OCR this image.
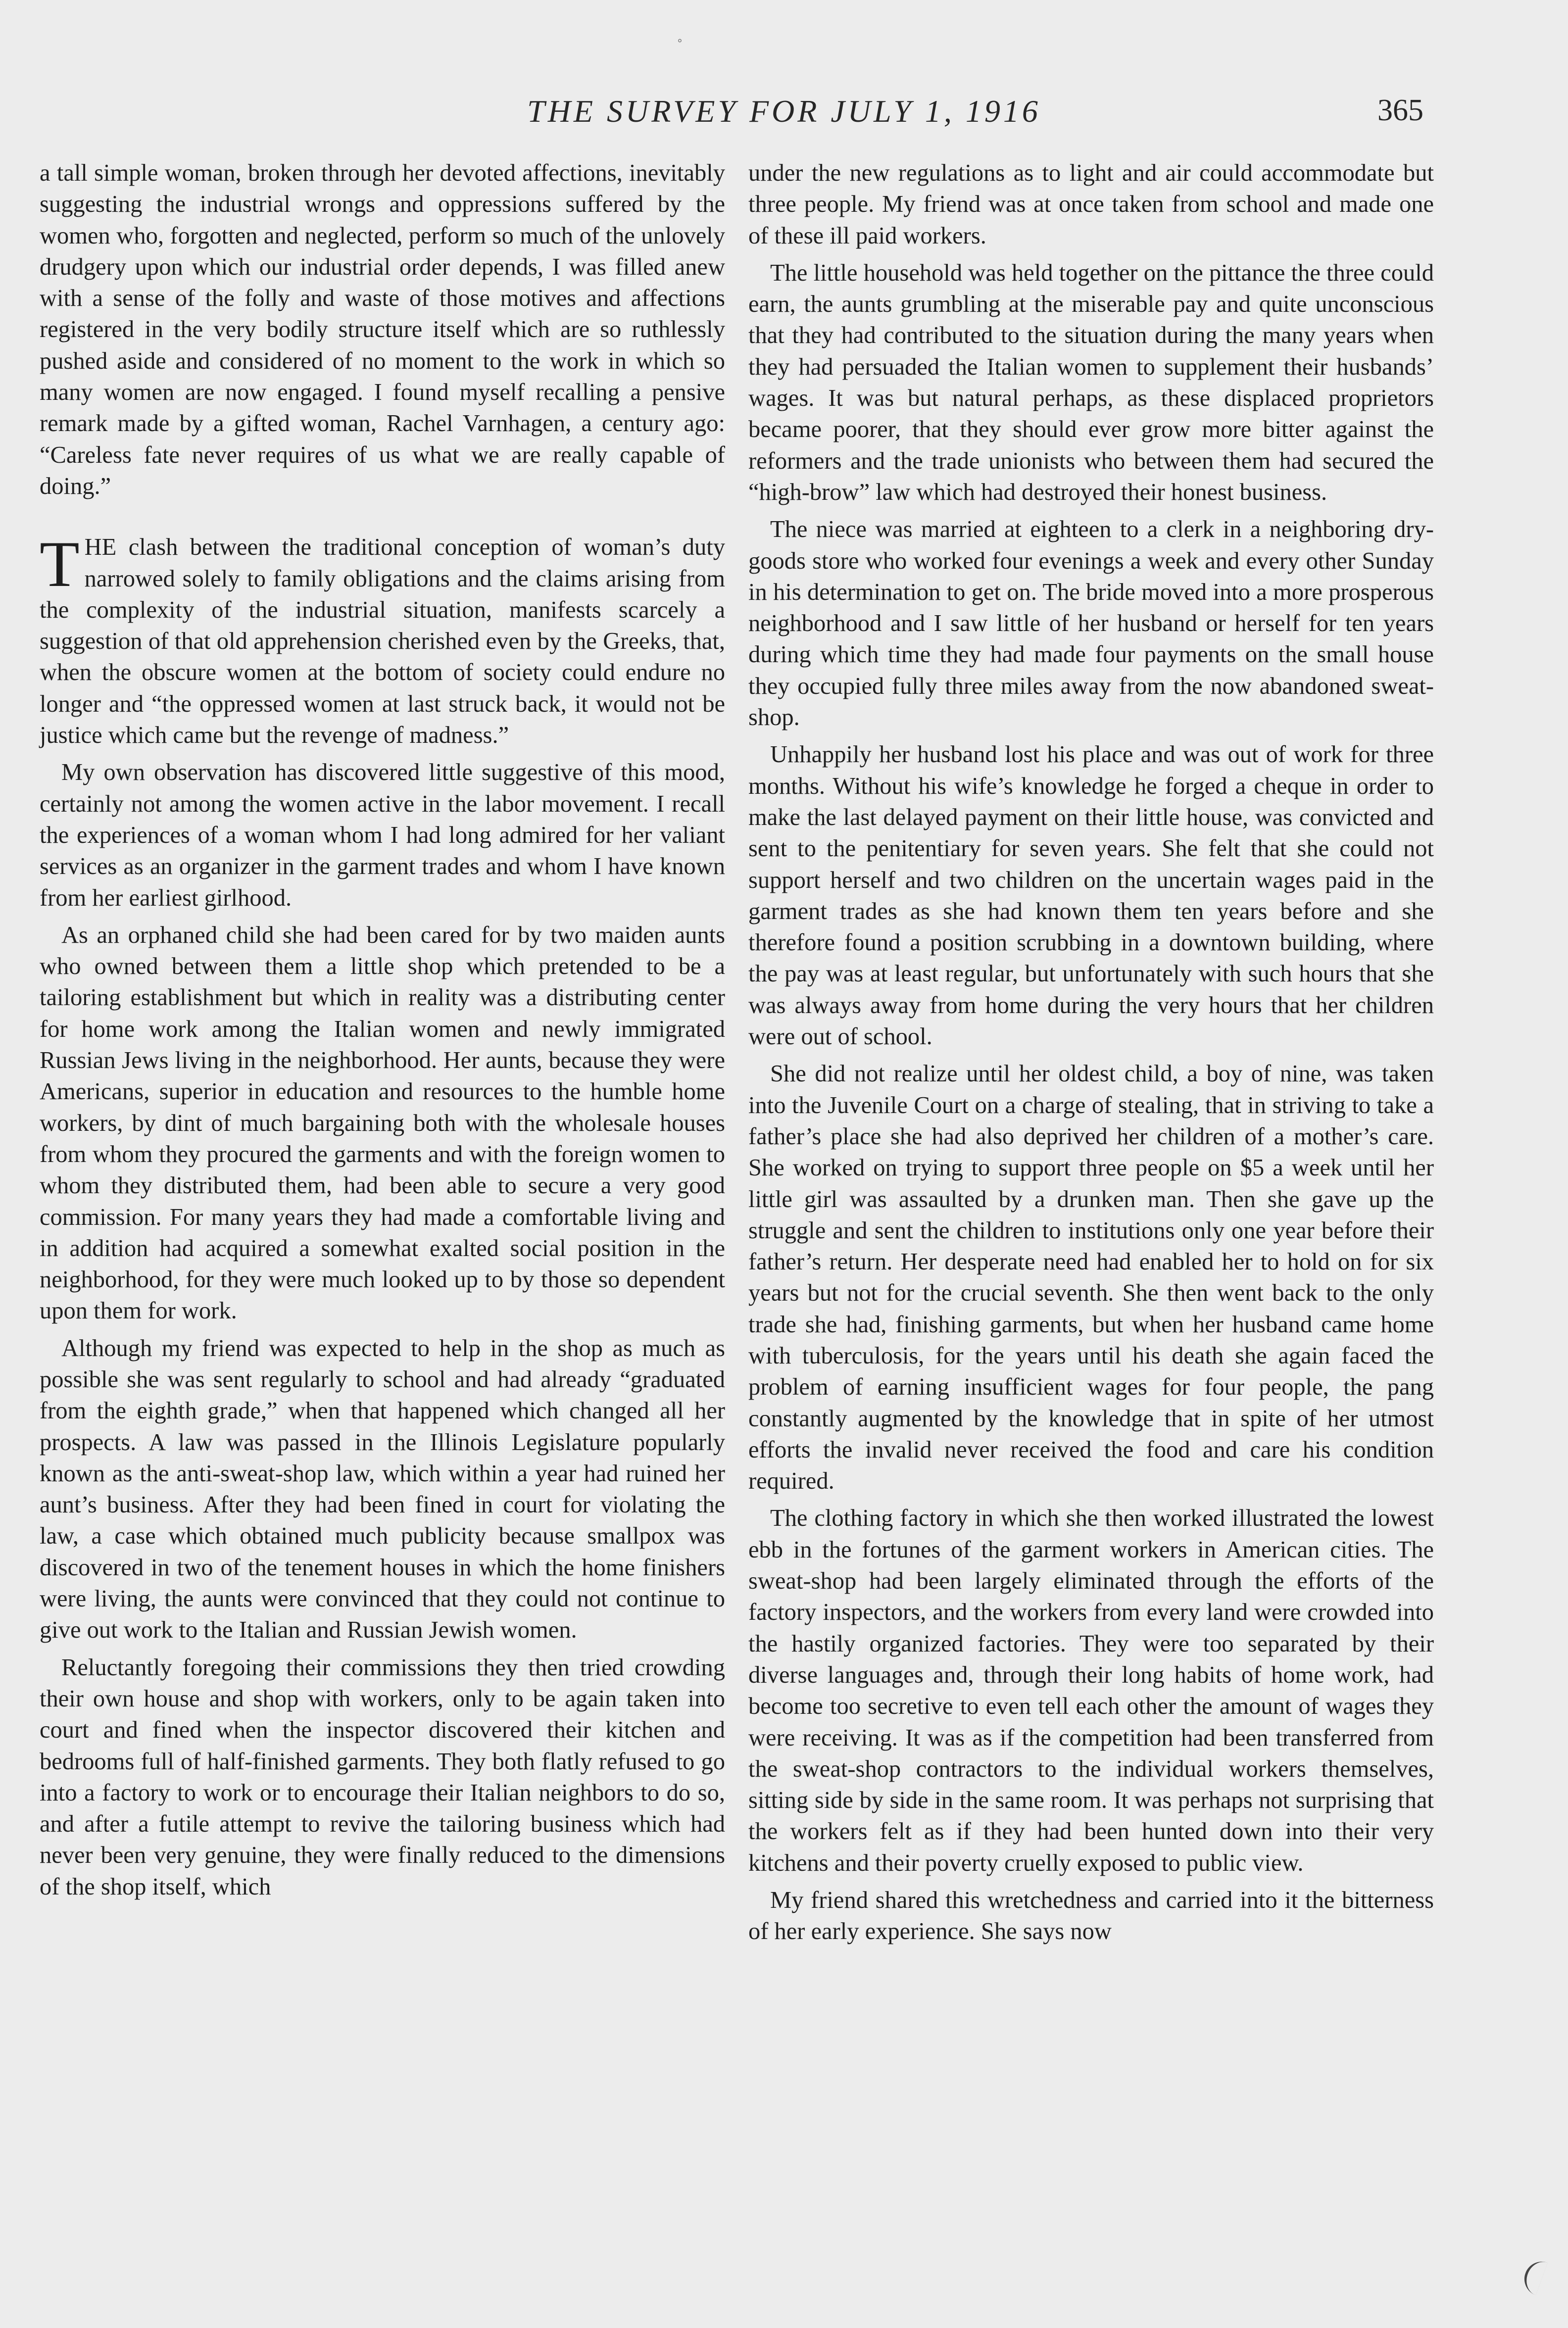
°
THE SURVEY FOR JULY 1, 1916	365

a tall simple woman, broken through her devoted affections, inevitably suggesting the industrial wrongs and oppressions suffered by the women who, forgotten and neglected, perform so much of the unlovely drudgery upon which our industrial order depends, I was filled anew with a sense of the folly and waste of those motives and affections registered in the very bodily structure itself which are so ruthlessly pushed aside and considered of no moment to the work in which so many women are now engaged. I found myself recalling a pensive remark made by a gifted woman, Rachel Varnhagen, a century ago: “Careless fate never requires of us what we are really capable of doing.”

THE clash between the traditional conception of woman’s duty narrowed solely to family obligations and the claims arising from the complexity of the industrial situation, manifests scarcely a suggestion of that old apprehension cherished even by the Greeks, that, when the obscure women at the bottom of society could endure no longer and “the oppressed women at last struck back, it would not be justice which came but the revenge of madness.”

My own observation has discovered little suggestive of this mood, certainly not among the women active in the labor movement. I recall the experiences of a woman whom I had long admired for her valiant services as an organizer in the garment trades and whom I have known from her earliest girlhood.

As an orphaned child she had been cared for by two maiden aunts who owned between them a little shop which pretended to be a tailoring establishment but which in reality was a distributing center for home work among the Italian women and newly immigrated Russian Jews living in the neighborhood. Her aunts, because they were Americans, superior in education and resources to the humble home workers, by dint of much bargaining both with the wholesale houses from whom they procured the garments and with the foreign women to whom they distributed them, had been able to secure a very good commission. For many years they had made a comfortable living and in addition had acquired a somewhat exalted social position in the neighborhood, for they were much looked up to by those so dependent upon them for work.

Although my friend was expected to help in the shop as much as possible she was sent regularly to school and had already “graduated from the eighth grade,” when that happened which changed all her prospects. A law was passed in the Illinois Legislature popularly known as the anti-sweat-shop law, which within a year had ruined her aunt’s business. After they had been fined in court for violating the law, a case which obtained much publicity because smallpox was discovered in two of the tenement houses in which the home finishers were living, the aunts were convinced that they could not continue to give out work to the Italian and Russian Jewish women.

Reluctantly foregoing their commissions they then tried crowding their own house and shop with workers, only to be again taken into court and fined when the inspector discovered their kitchen and bedrooms full of half-finished garments. They both flatly refused to go into a factory to work or to encourage their Italian neighbors to do so, and after a futile attempt to revive the tailoring business which had never been very genuine, they were finally reduced to the dimensions of the shop itself, which

under the new regulations as to light and air could accommodate but three people. My friend was at once taken from school and made one of these ill paid workers.

The little household was held together on the pittance the three could earn, the aunts grumbling at the miserable pay and quite unconscious that they had contributed to the situation during the many years when they had persuaded the Italian women to supplement their husbands’ wages. It was but natural perhaps, as these displaced proprietors became poorer, that they should ever grow more bitter against the reformers and the trade unionists who between them had secured the “high-brow” law which had destroyed their honest business.

The niece was married at eighteen to a clerk in a neighboring dry-goods store who worked four evenings a week and every other Sunday in his determination to get on. The bride moved into a more prosperous neighborhood and I saw little of her husband or herself for ten years during which time they had made four payments on the small house they occupied fully three miles away from the now abandoned sweat-shop.

Unhappily her husband lost his place and was out of work for three months. Without his wife’s knowledge he forged a cheque in order to make the last delayed payment on their little house, was convicted and sent to the penitentiary for seven years. She felt that she could not support herself and two children on the uncertain wages paid in the garment trades as she had known them ten years before and she therefore found a position scrubbing in a downtown building, where the pay was at least regular, but unfortunately with such hours that she was always away from home during the very hours that her children were out of school.

She did not realize until her oldest child, a boy of nine, was taken into the Juvenile Court on a charge of stealing, that in striving to take a father’s place she had also deprived her children of a mother’s care. She worked on trying to support three people on $5 a week until her little girl was assaulted by a drunken man. Then she gave up the struggle and sent the children to institutions only one year before their father’s return. Her desperate need had enabled her to hold on for six years but not for the crucial seventh. She then went back to the only trade she had, finishing garments, but when her husband came home with tuberculosis, for the years until his death she again faced the problem of earning insufficient wages for four people, the pang constantly augmented by the knowledge that in spite of her utmost efforts the invalid never received the food and care his condition required.

The clothing factory in which she then worked illustrated the lowest ebb in the fortunes of the garment workers in American cities. The sweat-shop had been largely eliminated through the efforts of the factory inspectors, and the workers from every land were crowded into the hastily organized factories. They were too separated by their diverse languages and, through their long habits of home work, had become too secretive to even tell each other the amount of wages they were receiving. It was as if the competition had been transferred from the sweat-shop contractors to the individual workers themselves, sitting side by side in the same room. It was perhaps not surprising that the workers felt as if they had been hunted down into their very kitchens and their poverty cruelly exposed to public view.

My friend shared this wretchedness and carried into it the bitterness of her early experience. She says now
